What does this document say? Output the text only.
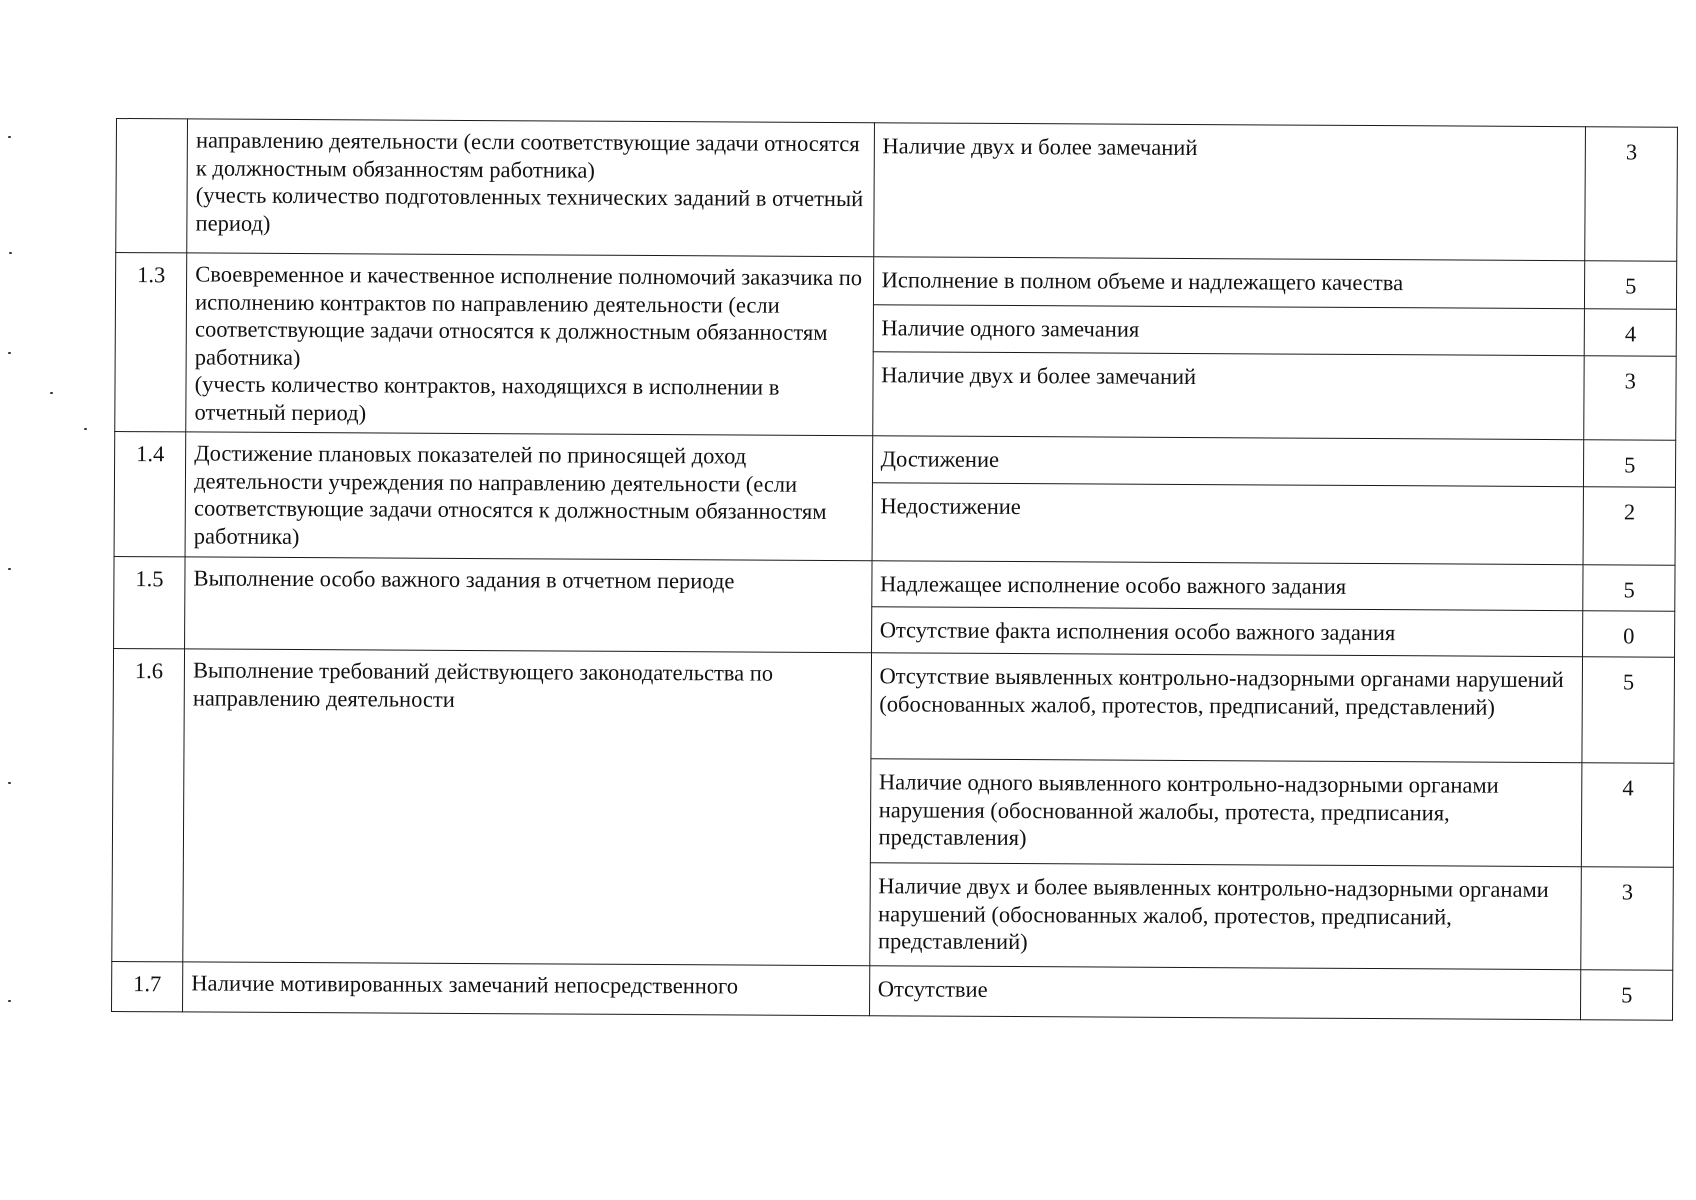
	направлению деятельности (если соответствующие задачи относятся к должностным обязанностям работника)
(учесть количество подготовленных технических заданий в отчетный период)	Наличие двух и более замечаний	3
1.3	Своевременное и качественное исполнение полномочий заказчика по исполнению контрактов по направлению деятельности (если соответствующие задачи относятся к должностным обязанностям работника)
(учесть количество контрактов, находящихся в исполнении в отчетный период)	Исполнение в полном объеме и надлежащего качества	5
		Наличие одного замечания	4
		Наличие двух и более замечаний	3
1.4	Достижение плановых показателей по приносящей доход деятельности учреждения по направлению деятельности (если соответствующие задачи относятся к должностным обязанностям работника)	Достижение	5
		Недостижение	2
1.5	Выполнение особо важного задания в отчетном периоде	Надлежащее исполнение особо важного задания	5
		Отсутствие факта исполнения особо важного задания	0
1.6	Выполнение требований действующего законодательства по направлению деятельности	Отсутствие выявленных контрольно-надзорными органами нарушений (обоснованных жалоб, протестов, предписаний, представлений)	5
		Наличие одного выявленного контрольно-надзорными органами нарушения (обоснованной жалобы, протеста, предписания, представления)	4
		Наличие двух и более выявленных контрольно-надзорными органами нарушений (обоснованных жалоб, протестов, предписаний, представлений)	3
1.7	Наличие мотивированных замечаний непосредственного	Отсутствие	5
